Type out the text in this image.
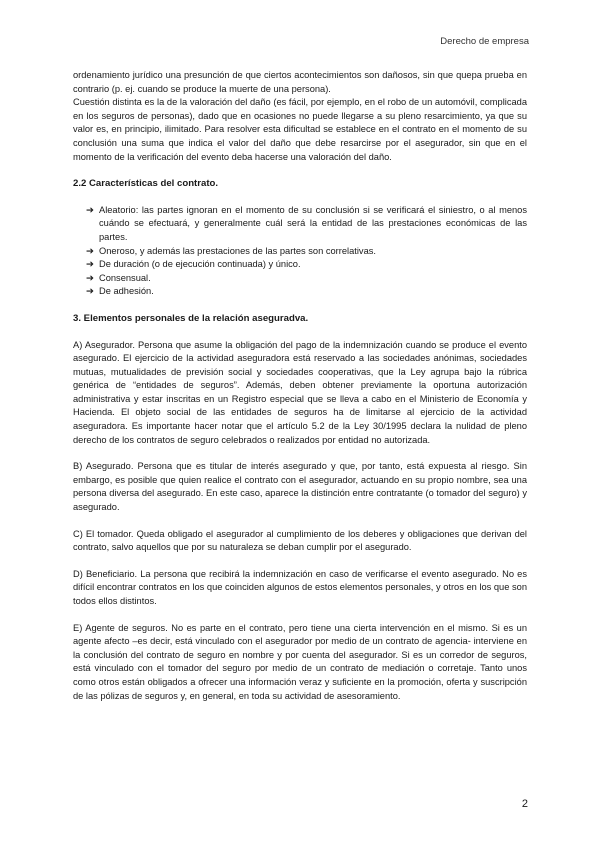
Derecho de empresa

ordenamiento jurídico una presunción de que ciertos acontecimientos son dañosos, sin que quepa prueba en contrario (p. ej. cuando se produce la muerte de una persona).

Cuestión distinta es la de la valoración del daño (es fácil, por ejemplo, en el robo de un automóvil, complicada en los seguros de personas), dado que en ocasiones no puede llegarse a su pleno resarcimiento, ya que su valor es, en principio, ilimitado. Para resolver esta dificultad se establece en el contrato en el momento de su conclusión una suma que indica el valor del daño que debe resarcirse por el asegurador, sin que en el momento de la verificación del evento deba hacerse una valoración del daño.

2.2 Características del contrato.
➔ Aleatorio: las partes ignoran en el momento de su conclusión si se verificará el siniestro, o al menos cuándo se efectuará, y generalmente cuál será la entidad de las prestaciones económicas de las partes.
➔ Oneroso, y además las prestaciones de las partes son correlativas.
➔ De duración (o de ejecución continuada) y único.
➔ Consensual.
➔ De adhesión.
3. Elementos personales de la relación aseguradva.

A) Asegurador. Persona que asume la obligación del pago de la indemnización cuando se produce el evento asegurado. El ejercicio de la actividad aseguradora está reservado a las sociedades anónimas, sociedades mutuas, mutualidades de previsión social y sociedades cooperativas, que la Ley agrupa bajo la rúbrica genérica de “entidades de seguros”. Además, deben obtener previamente la oportuna autorización administrativa y estar inscritas en un Registro especial que se lleva a cabo en el Ministerio de Economía y Hacienda. El objeto social de las entidades de seguros ha de limitarse al ejercicio de la actividad aseguradora. Es importante hacer notar que el artículo 5.2 de la Ley 30/1995 declara la nulidad de pleno derecho de los contratos de seguro celebrados o realizados por entidad no autorizada.

B) Asegurado. Persona que es titular de interés asegurado y que, por tanto, está expuesta al riesgo. Sin embargo, es posible que quien realice el contrato con el asegurador, actuando en su propio nombre, sea una persona diversa del asegurado. En este caso, aparece la distinción entre contratante (o tomador del seguro) y asegurado.

C) El tomador. Queda obligado el asegurador al cumplimiento de los deberes y obligaciones que derivan del contrato, salvo aquellos que por su naturaleza se deban cumplir por el asegurado.

D) Beneficiario. La persona que recibirá la indemnización en caso de verificarse el evento asegurado. No es difícil encontrar contratos en los que coinciden algunos de estos elementos personales, y otros en los que son todos ellos distintos.

E) Agente de seguros. No es parte en el contrato, pero tiene una cierta intervención en el mismo. Si es un agente afecto –es decir, está vinculado con el asegurador por medio de un contrato de agencia- interviene en la conclusión del contrato de seguro en nombre y por cuenta del asegurador. Si es un corredor de seguros, está vinculado con el tomador del seguro por medio de un contrato de mediación o corretaje. Tanto unos como otros están obligados a ofrecer una información veraz y suficiente en la promoción, oferta y suscripción de las pólizas de seguros y, en general, en toda su actividad de asesoramiento.

2
